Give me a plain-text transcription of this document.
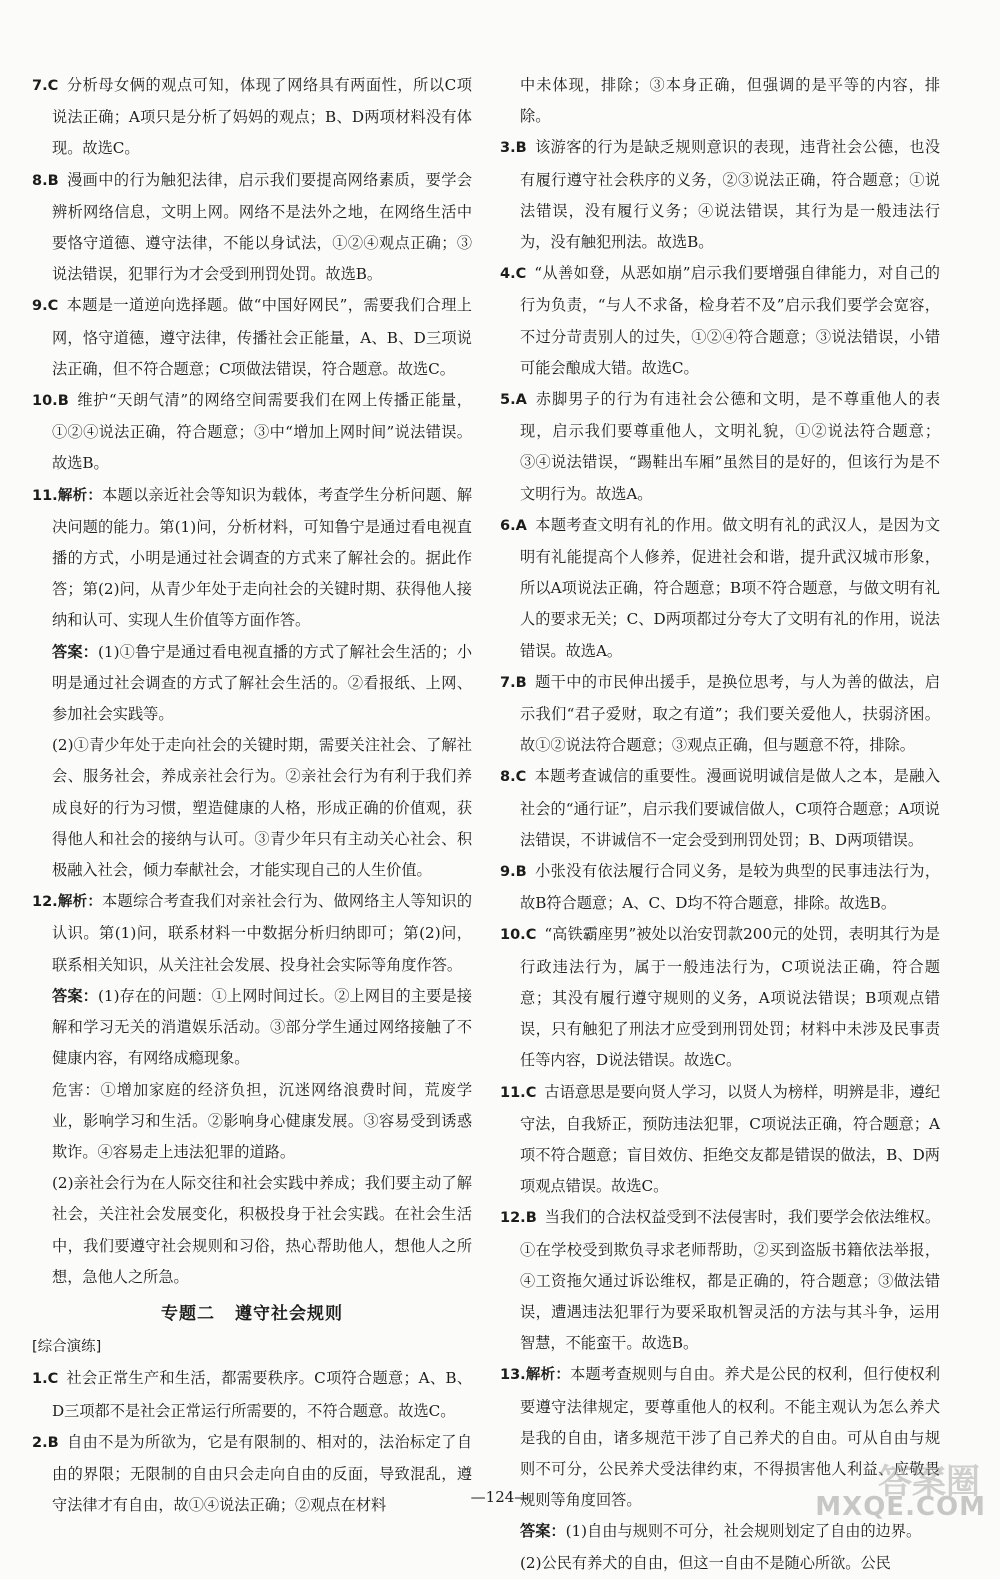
7.C 分析母女俩的观点可知，体现了网络具有两面性，所以C项说法正确；A项只是分析了妈妈的观点；B、D两项材料没有体现。故选C。

8.B 漫画中的行为触犯法律，启示我们要提高网络素质，要学会辨析网络信息，文明上网。网络不是法外之地，在网络生活中要恪守道德、遵守法律，不能以身试法，①②④观点正确；③说法错误，犯罪行为才会受到刑罚处罚。故选B。

9.C 本题是一道逆向选择题。做“中国好网民”，需要我们合理上网，恪守道德，遵守法律，传播社会正能量，A、B、D三项说法正确，但不符合题意；C项做法错误，符合题意。故选C。

10.B 维护“天朗气清”的网络空间需要我们在网上传播正能量，①②④说法正确，符合题意；③中“增加上网时间”说法错误。故选B。

11.解析：本题以亲近社会等知识为载体，考查学生分析问题、解决问题的能力。第(1)问，分析材料，可知鲁宁是通过看电视直播的方式，小明是通过社会调查的方式来了解社会的。据此作答；第(2)问，从青少年处于走向社会的关键时期、获得他人接纳和认可、实现人生价值等方面作答。

答案：(1)①鲁宁是通过看电视直播的方式了解社会生活的；小明是通过社会调查的方式了解社会生活的。②看报纸、上网、参加社会实践等。

(2)①青少年处于走向社会的关键时期，需要关注社会、了解社会、服务社会，养成亲社会行为。②亲社会行为有利于我们养成良好的行为习惯，塑造健康的人格，形成正确的价值观，获得他人和社会的接纳与认可。③青少年只有主动关心社会、积极融入社会，倾力奉献社会，才能实现自己的人生价值。

12.解析：本题综合考查我们对亲社会行为、做网络主人等知识的认识。第(1)问，联系材料一中数据分析归纳即可；第(2)问，联系相关知识，从关注社会发展、投身社会实际等角度作答。

答案：(1)存在的问题：①上网时间过长。②上网目的主要是接解和学习无关的消遣娱乐活动。③部分学生通过网络接触了不健康内容，有网络成瘾现象。

危害：①增加家庭的经济负担，沉迷网络浪费时间，荒废学业，影响学习和生活。②影响身心健康发展。③容易受到诱惑欺诈。④容易走上违法犯罪的道路。

(2)亲社会行为在人际交往和社会实践中养成；我们要主动了解社会，关注社会发展变化，积极投身于社会实践。在社会生活中，我们要遵守社会规则和习俗，热心帮助他人，想他人之所想，急他人之所急。

专题二 遵守社会规则

[综合演练]

1.C 社会正常生产和生活，都需要秩序。C项符合题意；A、B、D三项都不是社会正常运行所需要的，不符合题意。故选C。

2.B 自由不是为所欲为，它是有限制的、相对的，法治标定了自由的界限；无限制的自由只会走向自由的反面，导致混乱，遵守法律才有自由，故①④说法正确；②观点在材料

中未体现，排除；③本身正确，但强调的是平等的内容，排除。

3.B 该游客的行为是缺乏规则意识的表现，违背社会公德，也没有履行遵守社会秩序的义务，②③说法正确，符合题意；①说法错误，没有履行义务；④说法错误，其行为是一般违法行为，没有触犯刑法。故选B。

4.C “从善如登，从恶如崩”启示我们要增强自律能力，对自己的行为负责，“与人不求备，检身若不及”启示我们要学会宽容，不过分苛责别人的过失，①②④符合题意；③说法错误，小错可能会酿成大错。故选C。

5.A 赤脚男子的行为有违社会公德和文明，是不尊重他人的表现，启示我们要尊重他人，文明礼貌，①②说法符合题意；③④说法错误，“踢鞋出车厢”虽然目的是好的，但该行为是不文明行为。故选A。

6.A 本题考查文明有礼的作用。做文明有礼的武汉人，是因为文明有礼能提高个人修养，促进社会和谐，提升武汉城市形象，所以A项说法正确，符合题意；B项不符合题意，与做文明有礼人的要求无关；C、D两项都过分夸大了文明有礼的作用，说法错误。故选A。

7.B 题干中的市民伸出援手，是换位思考，与人为善的做法，启示我们“君子爱财，取之有道”；我们要关爱他人，扶弱济困。故①②说法符合题意；③观点正确，但与题意不符，排除。

8.C 本题考查诚信的重要性。漫画说明诚信是做人之本，是融入社会的“通行证”，启示我们要诚信做人，C项符合题意；A项说法错误，不讲诚信不一定会受到刑罚处罚；B、D两项错误。

9.B 小张没有依法履行合同义务，是较为典型的民事违法行为，故B符合题意；A、C、D均不符合题意，排除。故选B。

10.C “高铁霸座男”被处以治安罚款200元的处罚，表明其行为是行政违法行为，属于一般违法行为，C项说法正确，符合题意；其没有履行遵守规则的义务，A项说法错误；B项观点错误，只有触犯了刑法才应受到刑罚处罚；材料中未涉及民事责任等内容，D说法错误。故选C。

11.C 古语意思是要向贤人学习，以贤人为榜样，明辨是非，遵纪守法，自我矫正，预防违法犯罪，C项说法正确，符合题意；A项不符合题意；盲目效仿、拒绝交友都是错误的做法，B、D两项观点错误。故选C。

12.B 当我们的合法权益受到不法侵害时，我们要学会依法维权。①在学校受到欺负寻求老师帮助，②买到盗版书籍依法举报，④工资拖欠通过诉讼维权，都是正确的，符合题意；③做法错误，遭遇违法犯罪行为要采取机智灵活的方法与其斗争，运用智慧，不能蛮干。故选B。

13.解析：本题考查规则与自由。养犬是公民的权利，但行使权利要遵守法律规定，要尊重他人的权利。不能主观认为怎么养犬是我的自由，诸多规范干涉了自己养犬的自由。可从自由与规则不可分，公民养犬受法律约束，不得损害他人利益、应敬畏规则等角度回答。

答案：(1)自由与规则不可分，社会规则划定了自由的边界。

(2)公民有养犬的自由，但这一自由不是随心所欲。公民

—124—	答案圈
MXQE.COM
